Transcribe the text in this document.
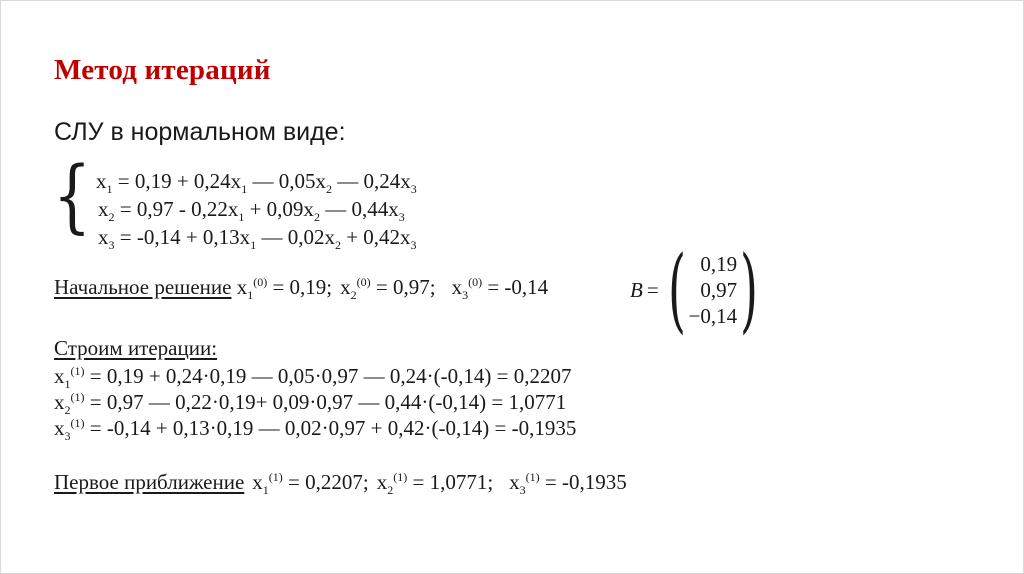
Метод итераций
СЛУ в нормальном виде:
{ $x_1 = 0,19 + 0,24x_1$ — $0,05x_2$ — $0,24x_3$
$x_2 = 0,97 - 0,22x_1 + 0,09x_2$ — $0,44x_3$
$x_3 = -0,14 + 0,13x_1$ — $0,02x_2 + 0,42x_3$
Начальное решение $x_1^{(0)} = 0,19$; $x_2^{(0)} = 0,97$; $x_3^{(0)} = -0,14$	B = ( 0,19
0,97
−0,14 )
Строим итерации:
$x_1^{(1)} = 0,19 + 0,24\cdot 0,19$ — 0,05·0,97 — 0,24·(-0,14) = 0,2207
$x_2^{(1)} = 0,97$ — 0,22·0,19+ 0,09·0,97 — 0,44·(-0,14) = 1,0771
$x_3^{(1)} = -0,14 + 0,13\cdot 0,19$ — 0,02·0,97 + 0,42·(-0,14) = -0,1935
Первое приближение $x_1^{(1)} = 0,2207$; $x_2^{(1)} = 1,0771$; $x_3^{(1)} = -0,1935$
